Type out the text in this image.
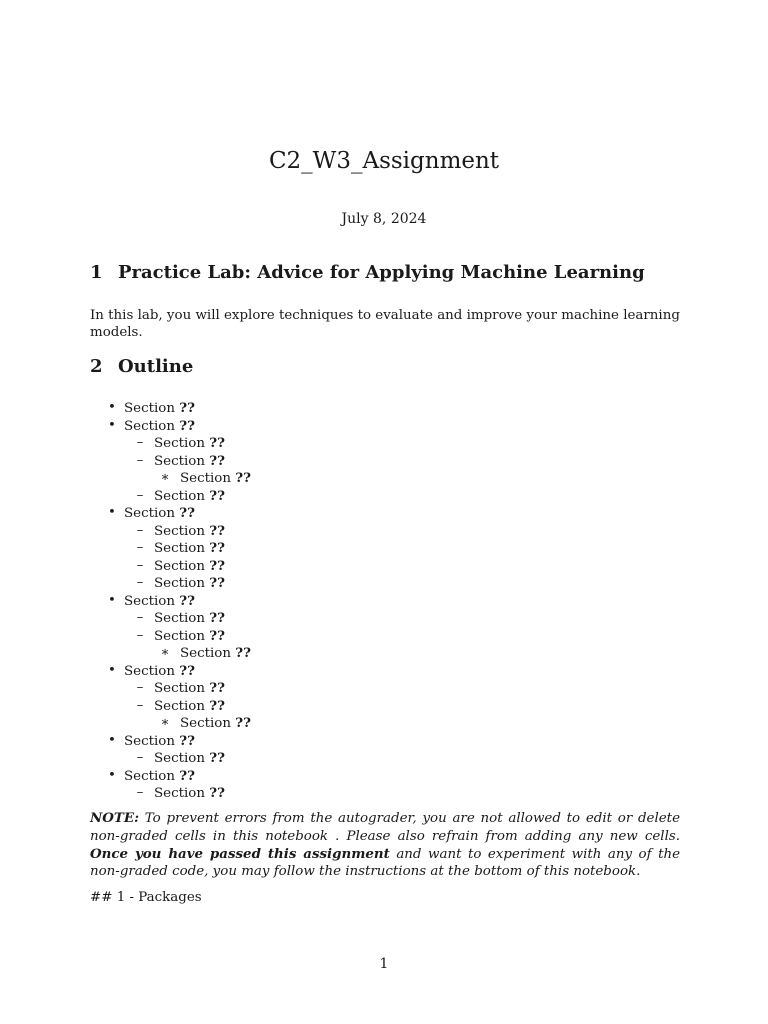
C2_W3_Assignment
July 8, 2024
1 Practice Lab: Advice for Applying Machine Learning
In this lab, you will explore techniques to evaluate and improve your machine learning models.
2 Outline
• Section ??
• Section ??
– Section ??
– Section ??
∗ Section ??
– Section ??
• Section ??
– Section ??
– Section ??
– Section ??
– Section ??
• Section ??
– Section ??
– Section ??
∗ Section ??
• Section ??
– Section ??
– Section ??
∗ Section ??
• Section ??
– Section ??
• Section ??
– Section ??
NOTE: To prevent errors from the autograder, you are not allowed to edit or delete non-graded cells in this notebook . Please also refrain from adding any new cells. Once you have passed this assignment and want to experiment with any of the non-graded code, you may follow the instructions at the bottom of this notebook.
## 1 - Packages
1
